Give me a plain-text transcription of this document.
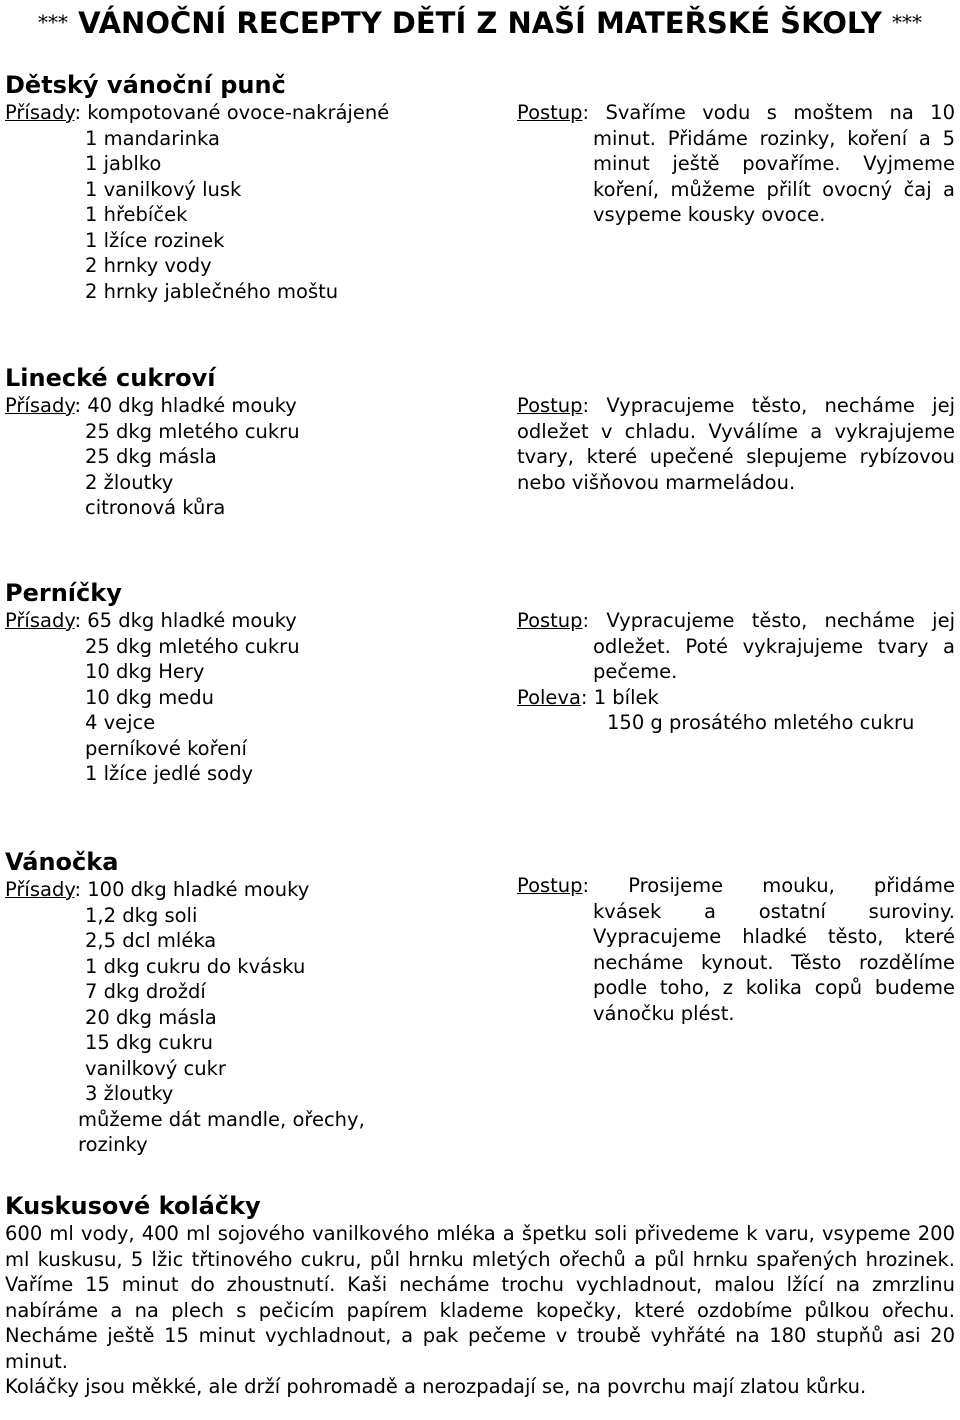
*** VÁNOČNÍ RECEPTY DĚTÍ Z NAŠÍ MATEŘSKÉ ŠKOLY ***
Dětský vánoční punč
Přísady: kompotované ovoce-nakrájené
1 mandarinka
1 jablko
1 vanilkový lusk
1 hřebíček
1 lžíce rozinek
2 hrnky vody
2 hrnky jablečného moštu
Postup: Svaříme vodu s moštem na 10
minut. Přidáme rozinky, koření a 5 minut ještě povaříme. Vyjmeme koření, můžeme přilít ovocný čaj a vsypeme kousky ovoce.
Linecké cukroví
Přísady: 40 dkg hladké mouky
25 dkg mletého cukru
25 dkg másla
2 žloutky
citronová kůra
Postup: Vypracujeme těsto, necháme jej odležet v chladu. Vyválíme a vykrajujeme tvary, které upečené slepujeme rybízovou nebo višňovou marmeládou.
Perníčky
Přísady: 65 dkg hladké mouky
25 dkg mletého cukru
10 dkg Hery
10 dkg medu
4 vejce
perníkové koření
1 lžíce jedlé sody
Postup: Vypracujeme těsto, necháme jej
odležet. Poté vykrajujeme tvary a pečeme.
Poleva: 1 bílek
150 g prosátého mletého cukru
Vánočka
Přísady: 100 dkg hladké mouky
1,2 dkg soli
2,5 dcl mléka
1 dkg cukru do kvásku
7 dkg droždí
20 dkg másla
15 dkg cukru
vanilkový cukr
3 žloutky
můžeme dát mandle, ořechy,
rozinky
Postup: Prosijeme mouku, přidáme
kvásek a ostatní suroviny. Vypracujeme hladké těsto, které necháme kynout. Těsto rozdělíme podle toho, z kolika copů budeme vánočku plést.
Kuskusové koláčky
600 ml vody, 400 ml sojového vanilkového mléka a špetku soli přivedeme k varu, vsypeme 200 ml kuskusu, 5 lžic třtinového cukru, půl hrnku mletých ořechů a půl hrnku spařených hrozinek. Vaříme 15 minut do zhoustnutí. Kaši necháme trochu vychladnout, malou lžící na zmrzlinu nabíráme a na plech s pečicím papírem klademe kopečky, které ozdobíme půlkou ořechu. Necháme ještě 15 minut vychladnout, a pak pečeme v troubě vyhřáté na 180 stupňů asi 20 minut.
Koláčky jsou měkké, ale drží pohromadě a nerozpadají se, na povrchu mají zlatou kůrku.
